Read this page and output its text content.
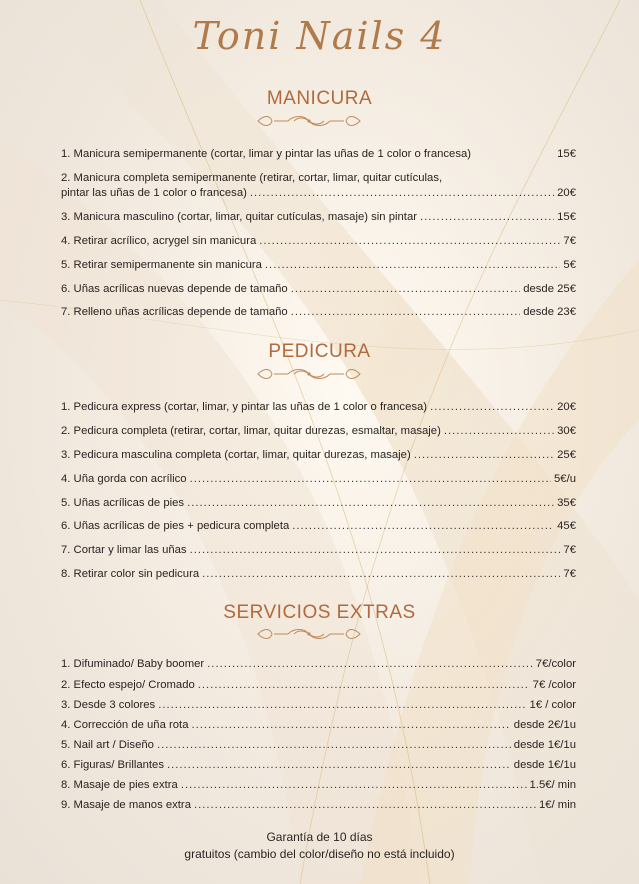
Toni Nails 4
MANICURA
1. Manicura semipermanente (cortar, limar y pintar las uñas de 1 color o francesa)	15€
2. Manicura completa semipermanente (retirar, cortar, limar, quitar cutículas,
pintar las uñas de 1 color o francesa) .....	20€
3. Manicura masculino (cortar, limar, quitar cutículas, masaje) sin pintar .....	15€
4. Retirar acrílico, acrygel sin manicura .....	7€
5. Retirar semipermanente sin manicura .....	5€
6. Uñas acrílicas nuevas depende de tamaño .....	desde 25€
7. Relleno uñas acrílicas depende de tamaño .....	desde 23€
PEDICURA
1. Pedicura express (cortar, limar, y pintar las uñas de 1 color o francesa) .....	20€
2. Pedicura completa (retirar, cortar, limar, quitar durezas, esmaltar, masaje) .....	30€
3. Pedicura masculina completa (cortar, limar, quitar durezas, masaje) .....	25€
4. Uña gorda con acrílico .....	5€/u
5. Uñas acrílicas de pies .....	35€
6. Uñas acrílicas de pies + pedicura completa .....	45€
7. Cortar y limar las uñas .....	7€
8. Retirar color sin pedicura .....	7€
SERVICIOS EXTRAS
1. Difuminado/ Baby boomer .....	7€/color
2. Efecto espejo/ Cromado .....	7€ /color
3. Desde 3 colores .....	1€ / color
4. Corrección de uña rota .....	desde 2€/1u
5. Nail art / Diseño .....	desde 1€/1u
6. Figuras/ Brillantes .....	desde 1€/1u
8. Masaje de pies extra .....	1.5€/ min
9. Masaje de manos extra .....	1€/ min
Garantía de 10 días
gratuitos (cambio del color/diseño no está incluido)
